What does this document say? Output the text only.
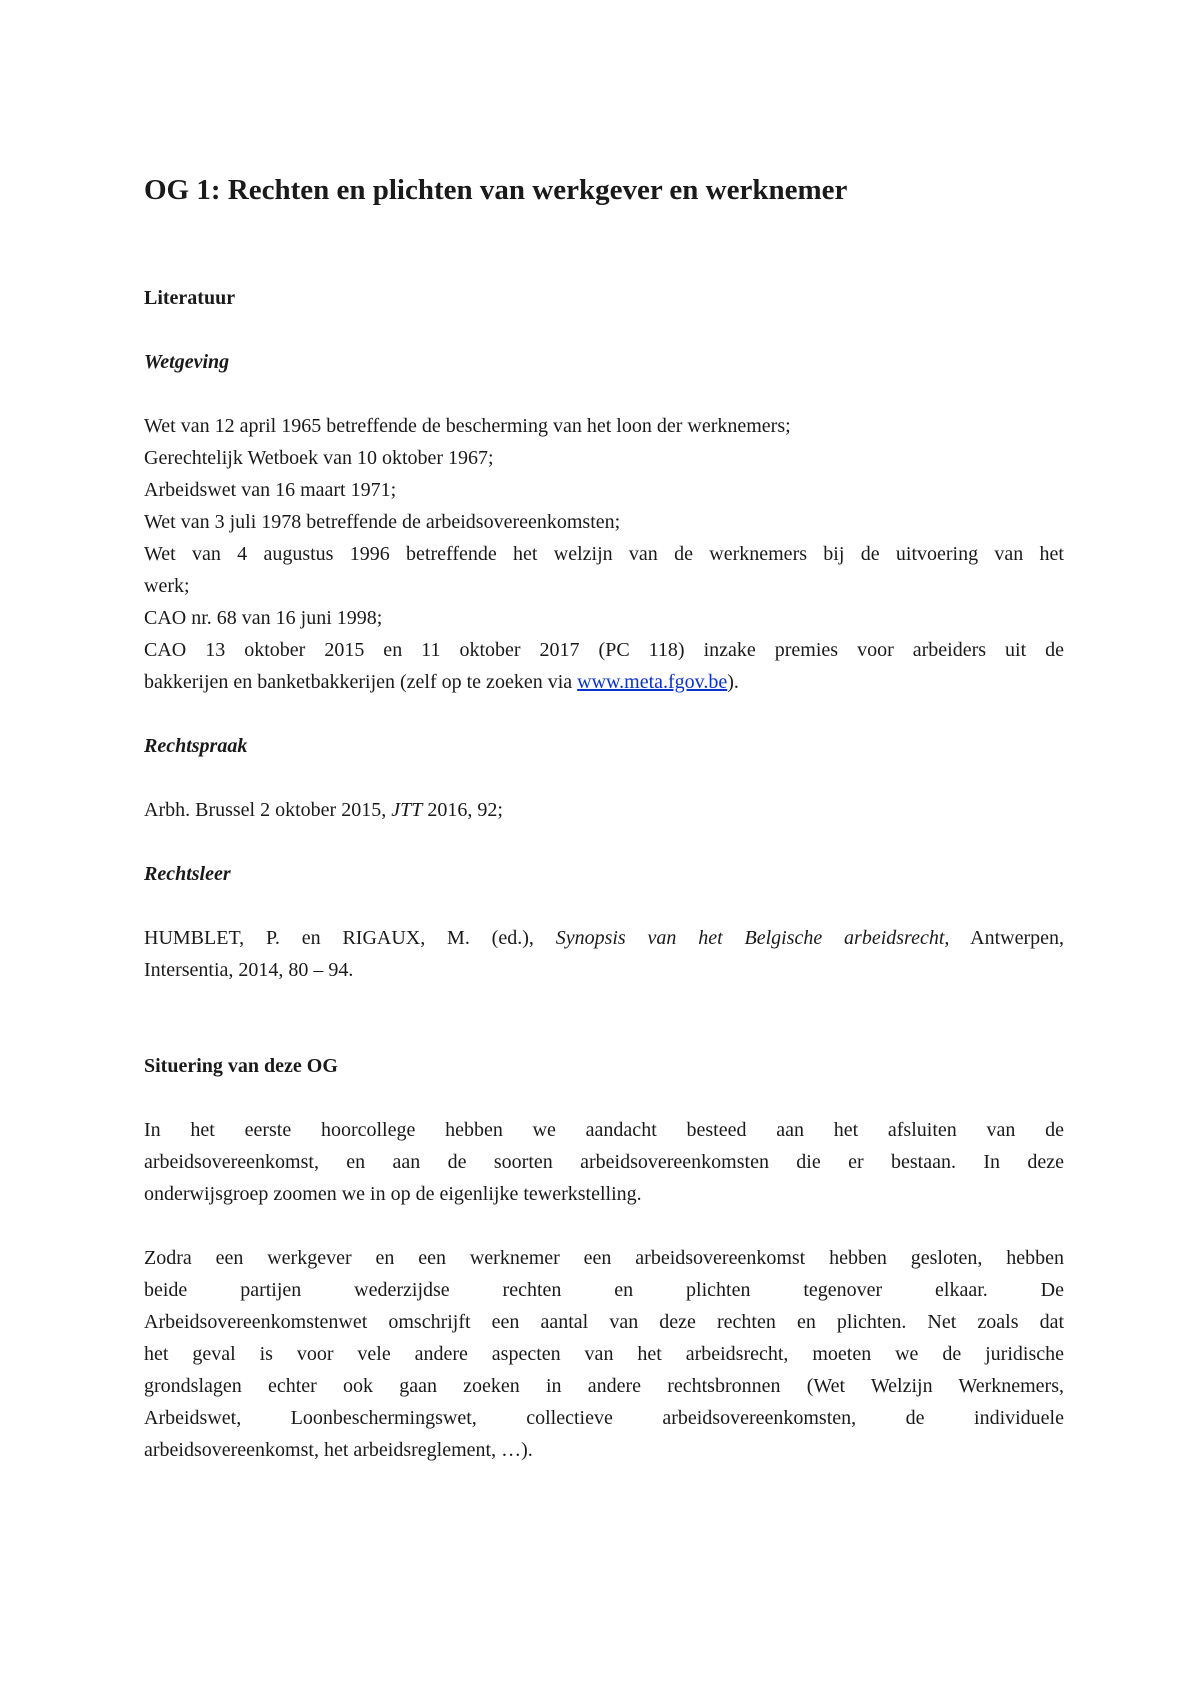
OG 1: Rechten en plichten van werkgever en werknemer
Literatuur
Wetgeving
Wet van 12 april 1965 betreffende de bescherming van het loon der werknemers;
Gerechtelijk Wetboek van 10 oktober 1967;
Arbeidswet van 16 maart 1971;
Wet van 3 juli 1978 betreffende de arbeidsovereenkomsten;
Wet van 4 augustus 1996 betreffende het welzijn van de werknemers bij de uitvoering van het
werk;
CAO nr. 68 van 16 juni 1998;
CAO 13 oktober 2015 en 11 oktober 2017 (PC 118) inzake premies voor arbeiders uit de
bakkerijen en banketbakkerijen (zelf op te zoeken via www.meta.fgov.be).
Rechtspraak
Arbh. Brussel 2 oktober 2015, JTT 2016, 92;
Rechtsleer
HUMBLET, P. en RIGAUX, M. (ed.), Synopsis van het Belgische arbeidsrecht, Antwerpen,
Intersentia, 2014, 80 – 94.
Situering van deze OG
In het eerste hoorcollege hebben we aandacht besteed aan het afsluiten van de
arbeidsovereenkomst, en aan de soorten arbeidsovereenkomsten die er bestaan. In deze
onderwijsgroep zoomen we in op de eigenlijke tewerkstelling.
Zodra een werkgever en een werknemer een arbeidsovereenkomst hebben gesloten, hebben
beide partijen wederzijdse rechten en plichten tegenover elkaar. De
Arbeidsovereenkomstenwet omschrijft een aantal van deze rechten en plichten. Net zoals dat
het geval is voor vele andere aspecten van het arbeidsrecht, moeten we de juridische
grondslagen echter ook gaan zoeken in andere rechtsbronnen (Wet Welzijn Werknemers,
Arbeidswet, Loonbeschermingswet, collectieve arbeidsovereenkomsten, de individuele
arbeidsovereenkomst, het arbeidsreglement, …).
